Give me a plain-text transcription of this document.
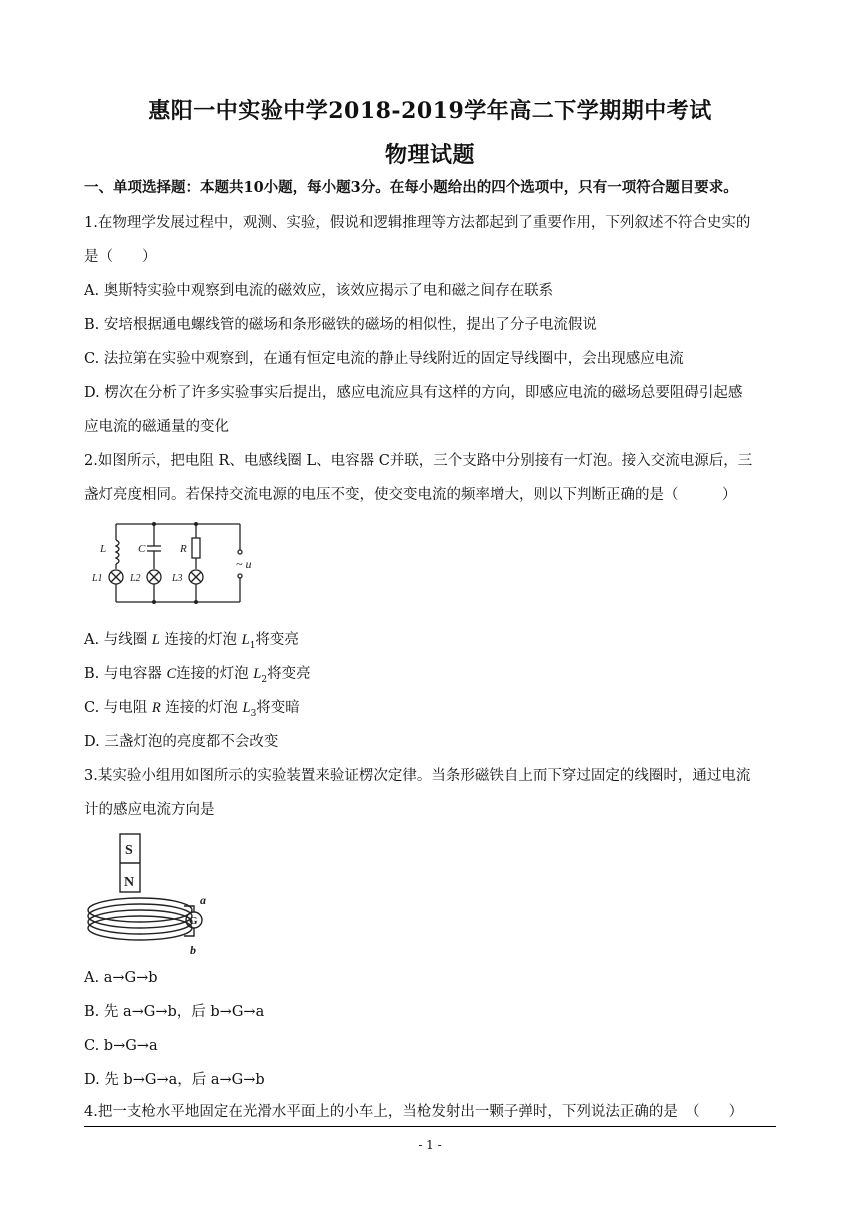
惠阳一中实验中学2018-2019学年高二下学期期中考试
物理试题
一、单项选择题：本题共10小题，每小题3分。在每小题给出的四个选项中，只有一项符合题目要求。
1.在物理学发展过程中，观测、实验，假说和逻辑推理等方法都起到了重要作用，下列叙述不符合史实的
是（　　）
A. 奥斯特实验中观察到电流的磁效应，该效应揭示了电和磁之间存在联系
B. 安培根据通电螺线管的磁场和条形磁铁的磁场的相似性，提出了分子电流假说
C. 法拉第在实验中观察到，在通有恒定电流的静止导线附近的固定导线圈中，会出现感应电流
D. 楞次在分析了许多实验事实后提出，感应电流应具有这样的方向，即感应电流的磁场总要阻碍引起感
应电流的磁通量的变化
2.如图所示，把电阻 R、电感线圈 L、电容器 C并联，三个支路中分别接有一灯泡。接入交流电源后，三
盏灯亮度相同。若保持交流电源的电压不变，使交变电流的频率增大，则以下判断正确的是（　　　）
L	C	R
L1	L2	L3
~ u
A. 与线圈 L 连接的灯泡 $L_1$将变亮
B. 与电容器 C连接的灯泡 $L_2$将变亮
C. 与电阻 R 连接的灯泡 $L_3$将变暗
D. 三盏灯泡的亮度都不会改变
3.某实验小组用如图所示的实验装置来验证楞次定律。当条形磁铁自上而下穿过固定的线圈时，通过电流
计的感应电流方向是
S
N
a
G
b
A. a→G→b
B. 先 a→G→b，后 b→G→a
C. b→G→a
D. 先 b→G→a，后 a→G→b
4.把一支枪水平地固定在光滑水平面上的小车上，当枪发射出一颗子弹时，下列说法正确的是　（　　）
- 1 -
